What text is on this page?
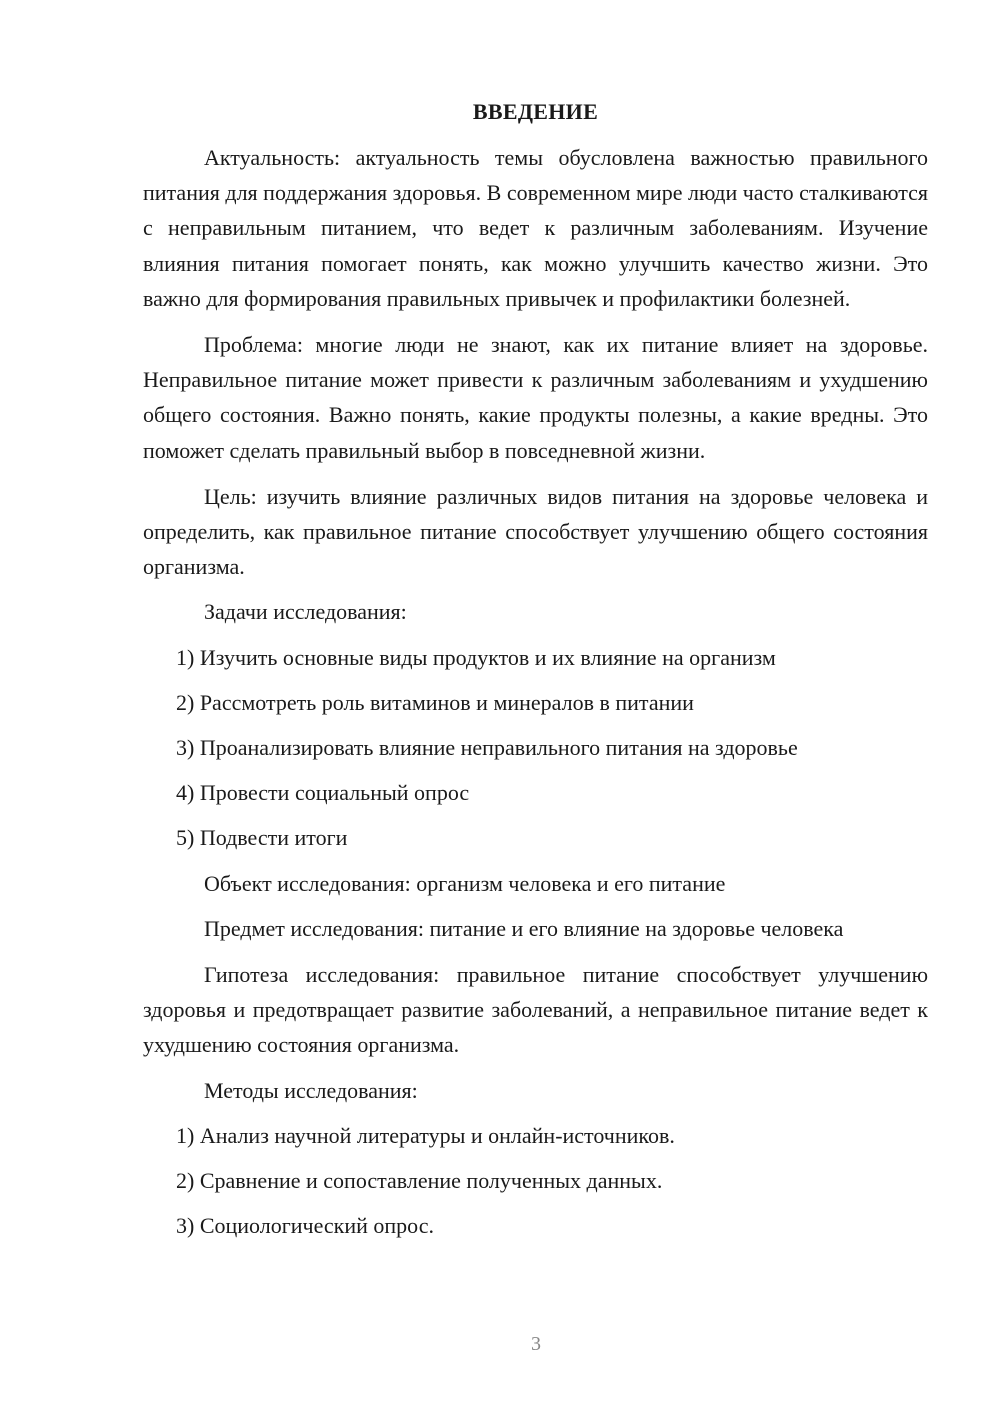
ВВЕДЕНИЕ

Актуальность: актуальность темы обусловлена важностью правильного питания для поддержания здоровья. В современном мире люди часто сталкиваются с неправильным питанием, что ведет к различным заболеваниям. Изучение влияния питания помогает понять, как можно улучшить качество жизни. Это важно для формирования правильных привычек и профилактики болезней.

Проблема: многие люди не знают, как их питание влияет на здоровье. Неправильное питание может привести к различным заболеваниям и ухудшению общего состояния. Важно понять, какие продукты полезны, а какие вредны. Это поможет сделать правильный выбор в повседневной жизни.

Цель: изучить влияние различных видов питания на здоровье человека и определить, как правильное питание способствует улучшению общего состояния организма.

Задачи исследования:

1) Изучить основные виды продуктов и их влияние на организм

2) Рассмотреть роль витаминов и минералов в питании

3) Проанализировать влияние неправильного питания на здоровье

4) Провести социальный опрос

5) Подвести итоги

Объект исследования: организм человека и его питание

Предмет исследования: питание и его влияние на здоровье человека

Гипотеза исследования: правильное питание способствует улучшению здоровья и предотвращает развитие заболеваний, а неправильное питание ведет к ухудшению состояния организма.

Методы исследования:

1) Анализ научной литературы и онлайн-источников.

2) Сравнение и сопоставление полученных данных.

3) Социологический опрос.

3
